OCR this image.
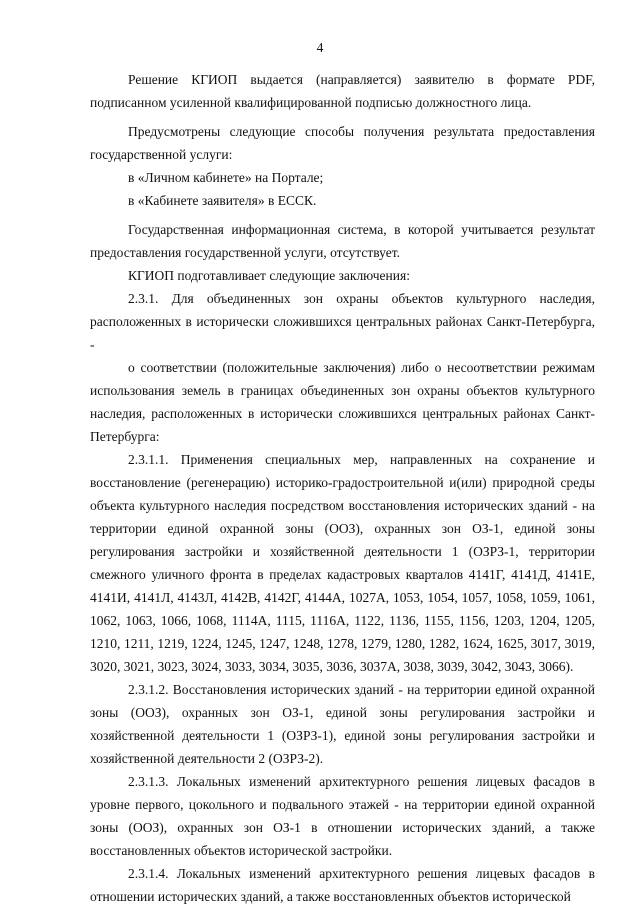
4

Решение КГИОП выдается (направляется) заявителю в формате PDF, подписанном усиленной квалифицированной подписью должностного лица.

Предусмотрены следующие способы получения результата предоставления государственной услуги:

в «Личном кабинете» на Портале;

в «Кабинете заявителя» в ЕССК.

Государственная информационная система, в которой учитывается результат предоставления государственной услуги, отсутствует.

КГИОП подготавливает следующие заключения:

2.3.1. Для объединенных зон охраны объектов культурного наследия, расположенных в исторически сложившихся центральных районах Санкт-Петербурга, -

о соответствии (положительные заключения) либо о несоответствии режимам использования земель в границах объединенных зон охраны объектов культурного наследия, расположенных в исторически сложившихся центральных районах Санкт-Петербурга:

2.3.1.1. Применения специальных мер, направленных на сохранение и восстановление (регенерацию) историко-градостроительной и(или) природной среды объекта культурного наследия посредством восстановления исторических зданий - на территории единой охранной зоны (ООЗ), охранных зон ОЗ-1, единой зоны регулирования застройки и хозяйственной деятельности 1 (ОЗРЗ-1, территории смежного уличного фронта в пределах кадастровых кварталов 4141Г, 4141Д, 4141Е, 4141И, 4141Л, 4143Л, 4142В, 4142Г, 4144А, 1027А, 1053, 1054, 1057, 1058, 1059, 1061, 1062, 1063, 1066, 1068, 1114А, 1115, 1116А, 1122, 1136, 1155, 1156, 1203, 1204, 1205, 1210, 1211, 1219, 1224, 1245, 1247, 1248, 1278, 1279, 1280, 1282, 1624, 1625, 3017, 3019, 3020, 3021, 3023, 3024, 3033, 3034, 3035, 3036, 3037А, 3038, 3039, 3042, 3043, 3066).

2.3.1.2. Восстановления исторических зданий - на территории единой охранной зоны (ООЗ), охранных зон ОЗ-1, единой зоны регулирования застройки и хозяйственной деятельности 1 (ОЗРЗ-1), единой зоны регулирования застройки и хозяйственной деятельности 2 (ОЗРЗ-2).

2.3.1.3. Локальных изменений архитектурного решения лицевых фасадов в уровне первого, цокольного и подвального этажей - на территории единой охранной зоны (ООЗ), охранных зон ОЗ-1 в отношении исторических зданий, а также восстановленных объектов исторической застройки.

2.3.1.4. Локальных изменений архитектурного решения лицевых фасадов в отношении исторических зданий, а также восстановленных объектов исторической
